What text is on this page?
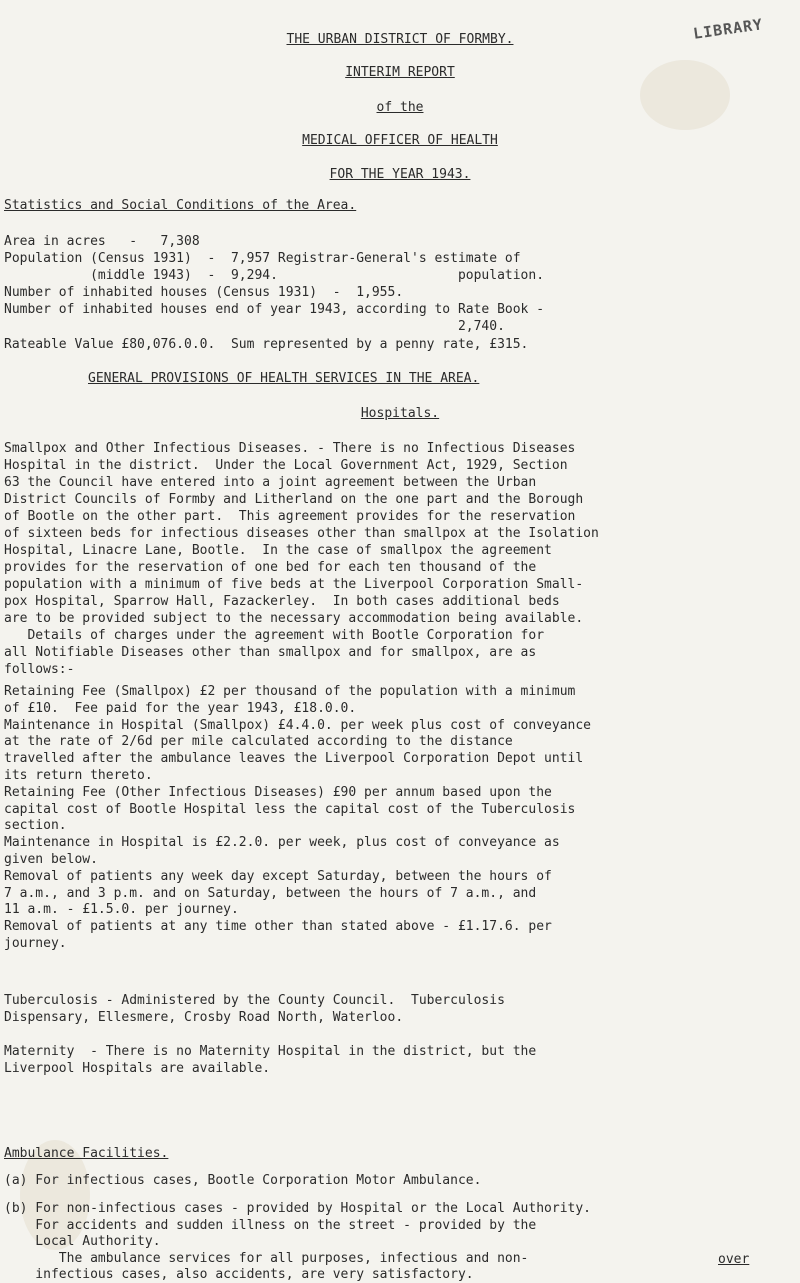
LIBRARY
THE URBAN DISTRICT OF FORMBY.
INTERIM REPORT
of the
MEDICAL OFFICER OF HEALTH
FOR THE YEAR 1943.
Statistics and Social Conditions of the Area.
Area in acres   -   7,308
Population (Census 1931)  -  7,957 Registrar-General's estimate of
(middle 1943)  -  9,294.                       population.
Number of inhabited houses (Census 1931)  -  1,955.
Number of inhabited houses end of year 1943, according to Rate Book -
2,740.
Rateable Value £80,076.0.0.  Sum represented by a penny rate, £315.
GENERAL PROVISIONS OF HEALTH SERVICES IN THE AREA.
Hospitals.
Smallpox and Other Infectious Diseases. - There is no Infectious Diseases
Hospital in the district.  Under the Local Government Act, 1929, Section
63 the Council have entered into a joint agreement between the Urban
District Councils of Formby and Litherland on the one part and the Borough
of Bootle on the other part.  This agreement provides for the reservation
of sixteen beds for infectious diseases other than smallpox at the Isolation
Hospital, Linacre Lane, Bootle.  In the case of smallpox the agreement
provides for the reservation of one bed for each ten thousand of the
population with a minimum of five beds at the Liverpool Corporation Small-
pox Hospital, Sparrow Hall, Fazackerley.  In both cases additional beds
are to be provided subject to the necessary accommodation being available.
Details of charges under the agreement with Bootle Corporation for
all Notifiable Diseases other than smallpox and for smallpox, are as
follows:-
Retaining Fee (Smallpox) £2 per thousand of the population with a minimum
of £10.  Fee paid for the year 1943, £18.0.0.
Maintenance in Hospital (Smallpox) £4.4.0. per week plus cost of conveyance
at the rate of 2/6d per mile calculated according to the distance
travelled after the ambulance leaves the Liverpool Corporation Depot until
its return thereto.
Retaining Fee (Other Infectious Diseases) £90 per annum based upon the
capital cost of Bootle Hospital less the capital cost of the Tuberculosis
section.
Maintenance in Hospital is £2.2.0. per week, plus cost of conveyance as
given below.
Removal of patients any week day except Saturday, between the hours of
7 a.m., and 3 p.m. and on Saturday, between the hours of 7 a.m., and
11 a.m. - £1.5.0. per journey.
Removal of patients at any time other than stated above - £1.17.6. per
journey.
Tuberculosis - Administered by the County Council.  Tuberculosis
Dispensary, Ellesmere, Crosby Road North, Waterloo.
Maternity  - There is no Maternity Hospital in the district, but the
Liverpool Hospitals are available.
Ambulance Facilities.
(a) For infectious cases, Bootle Corporation Motor Ambulance.
(b) For non-infectious cases - provided by Hospital or the Local Authority.
For accidents and sudden illness on the street - provided by the
Local Authority.
The ambulance services for all purposes, infectious and non-
infectious cases, also accidents, are very satisfactory.
over
